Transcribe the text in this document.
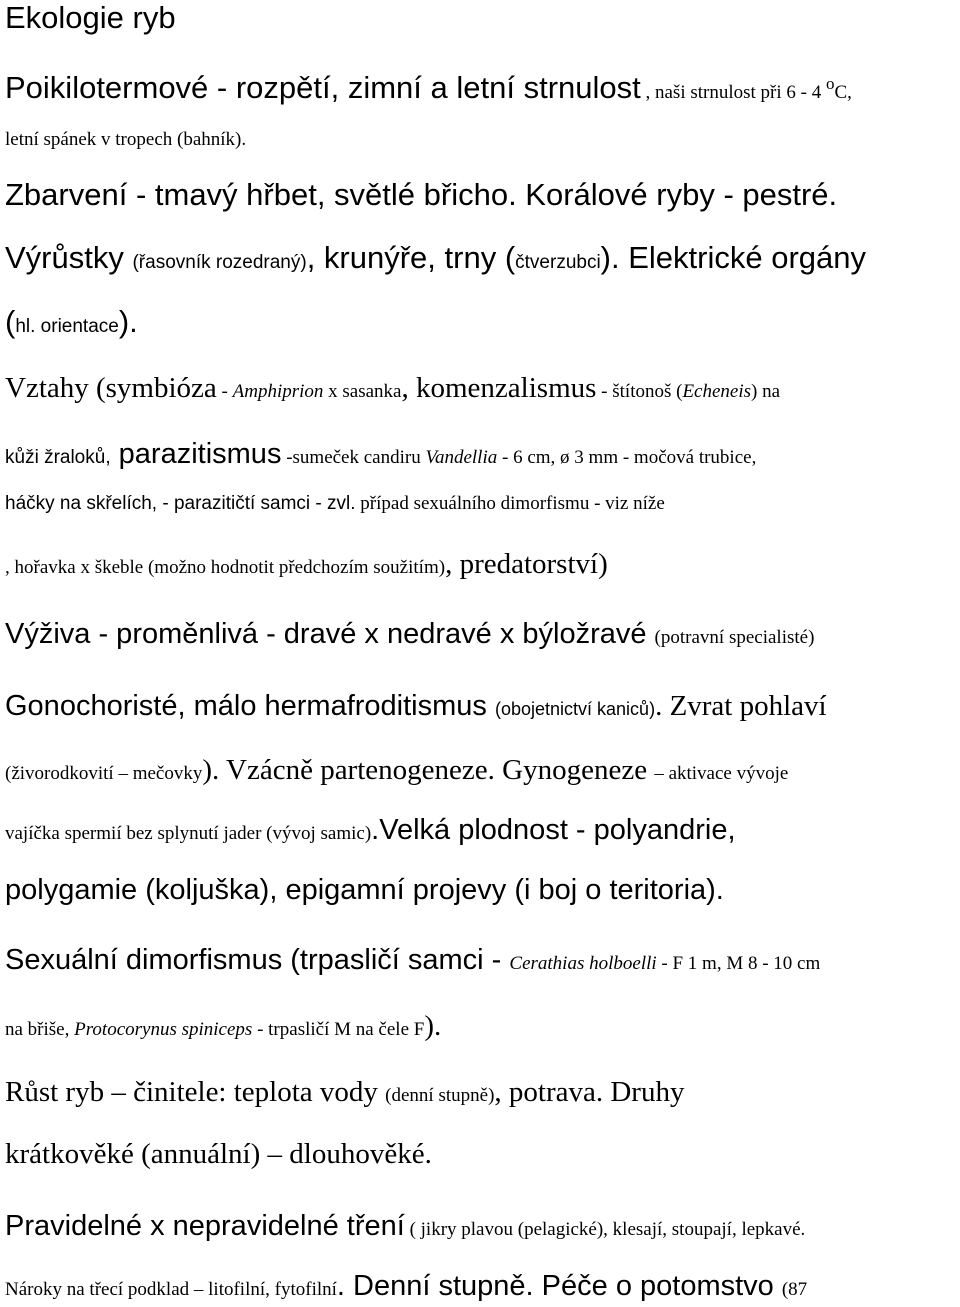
Ekologie ryb
Poikilotermové - rozpětí, zimní a letní strnulost , naši strnulost při 6 - 4 oC,
letní spánek v tropech (bahník).
Zbarvení - tmavý hřbet, světlé břicho. Korálové ryby - pestré.
Výrůstky (řasovník rozedraný), krunýře, trny (čtverzubci). Elektrické orgány
(hl. orientace).
Vztahy (symbióza - Amphiprion x sasanka, komenzalismus - štítonoš (Echeneis) na
kůži žraloků, parazitismus -sumeček candiru Vandellia - 6 cm, ø 3 mm - močová trubice,
háčky na skřelích, - parazitičtí samci - zvl. případ sexuálního dimorfismu - viz níže
, hořavka x škeble (možno hodnotit předchozím soužitím), predatorství)
Výživa - proměnlivá - dravé x nedravé x býložravé (potravní specialisté)
Gonochoristé, málo hermafroditismus (obojetnictví kaniců). Zvrat pohlaví
(živorodkovití – mečovky). Vzácně partenogeneze. Gynogeneze – aktivace vývoje
vajíčka spermií bez splynutí jader (vývoj samic).Velká plodnost - polyandrie,
polygamie (koljuška), epigamní projevy (i boj o teritoria).
Sexuální dimorfismus (trpasličí samci - Cerathias holboelli - F 1 m, M 8 - 10 cm
na břiše, Protocorynus spiniceps - trpasličí M na čele F).
Růst ryb – činitele: teplota vody (denní stupně), potrava. Druhy
krátkověké (annuální) – dlouhověké.
Pravidelné x nepravidelné tření ( jikry plavou (pelagické), klesají, stoupají, lepkavé.
Nároky na třecí podklad – litofilní, fytofilní. Denní stupně. Péče o potomstvo (87
